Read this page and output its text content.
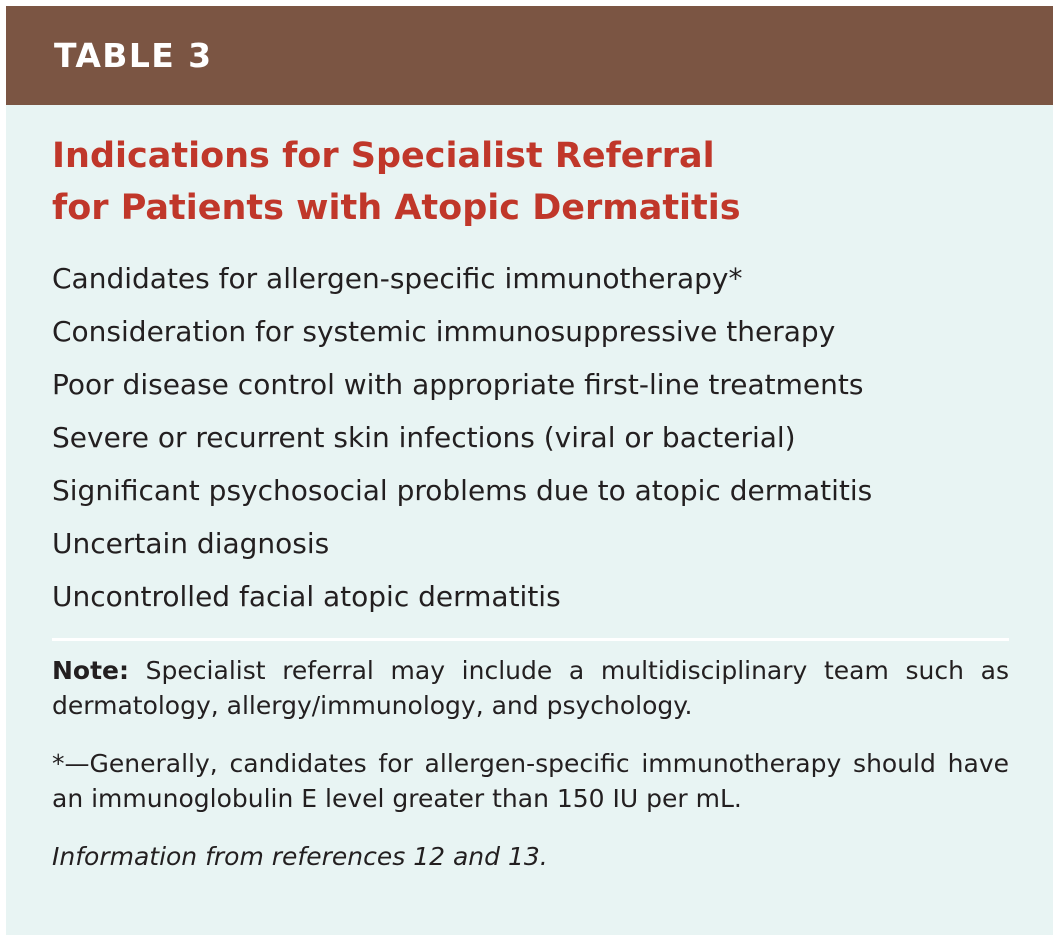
TABLE 3
Indications for Specialist Referral
for Patients with Atopic Dermatitis
Candidates for allergen-specific immunotherapy*
Consideration for systemic immunosuppressive therapy
Poor disease control with appropriate first-line treatments
Severe or recurrent skin infections (viral or bacterial)
Significant psychosocial problems due to atopic dermatitis
Uncertain diagnosis
Uncontrolled facial atopic dermatitis

Note: Specialist referral may include a multidisciplinary team such as dermatology, allergy/immunology, and psychology.

*—Generally, candidates for allergen-specific immunotherapy should have an immunoglobulin E level greater than 150 IU per mL.

Information from references 12 and 13.
